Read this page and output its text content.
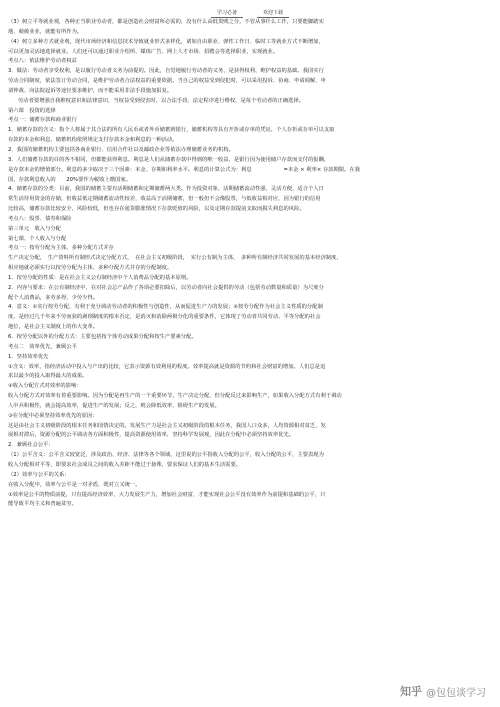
学习必备	欢迎下载

（3）树立平等就业观，各种正当职业劳动者，都是创造社会财富所必需的，没有什么高低贵贱之分。不管从事什么工作，只要能脚踏实

地、兢兢业业，就能有所作为。

（4）树立多种方式就业观，现代市场经济和信息技术导致就业形式多样化，诸如自由职业、弹性工作日、临时工等就业方式不断增加，

可以更加灵活地选择就业。人们还可以通过职业介绍所、媒体广告、网上人才市场、招聘会等选择职业，实现就业。

考点八：依法维护劳动者权益

3．做法：劳动者享受权利，是以履行劳动者义务为前提的。因此，自觉地履行劳动者的义务，是获得权利、维护权益的基础。我国实行

劳动合同制度，依法签订劳动合同，是维护劳动者合法权益的重要依据。当自己的权益受到侵犯时，可以采用投诉、协商、申请调解、申

请仲裁、向法院起诉等途径要求维护，而不能采用非法手段施加报复。

劳动者要增强自我维权意识和法律意识，当权益受到侵害时，以合法手段、法定程序进行维权，是每个劳动者的正确选择。

第六课　投资的选择

考点一：储蓄存款和商业银行

1．储蓄存款的含义：指个人将属于其合法的所有人民币或者外币储蓄到银行，储蓄机构等具有开折或存单的凭证，个人存折或存单可以支取

存款的本金和利息，储蓄机构依照规定支付存款本金和利息的一种活动。

2．我国的储蓄机构主要包括各商业银行、信用合作社以及邮政企业等依法办理储蓄业务的机构。

3．人们储蓄存款的目的各不相同，但都能获得利息。利息是人们从储蓄存款中得到的唯一收益，是银行因为使用储户存款而支付的报酬，

是存款本金的增值部分。利息的多少取决于三个因素：本金、存期和利率水平。利息的计算公式为：利息　　　　　　=本金 × 利率× 存款期限。在我

国，存款利息收入的　　20%要作为税收上缴国家。

4．储蓄存款的分类：目前，我国的储蓄主要有活期储蓄和定期储蓄两大类。作为投资对象，活期储蓄流动性强、灵活方便，适合个人日

常生活待用资金的存储，但收益低定期储蓄流动性较差，收益高于活期储蓄，但一般但不会像股票，与低收益相对应，因为银行的信用

比较高，储蓄存款比较安全，风险较低，但也存在通货膨胀情况下存款贬值的风险，以及定期存款提前支取而损失利息的风险。

考点八：股票、债券和保险

第三单元　收入与分配

第七课、个人收入与分配

考点一：按劳分配为主体，多种分配方式并存

生产决定分配，　生产资料所有制形式决定分配方式，　在社会主义初级阶段，　实行公有制为主体，　多种所有制经济共同发展的基本经济制度，

相应地就必须实行以按劳分配为主体、多种分配方式并存的分配制度。

1．按劳分配的性质：是在社会主义公有制经济中个人消费品分配的基本原则。

2．内容与要求：在公有制经济中，在对社会总产品作了各项必要扣除后，以劳动者向社会提供的劳动（包括劳动数量和质量）为尺度分

配个人消费品，多劳多得，少劳少得。

4．意义：①实行按劳分配，有利于充分调动劳动者的积极性与创造性，从而促进生产力的发展；②按劳分配作为社会主义性质的分配制

度，是经过几千年来不劳而获的剥削制度的根本否定，是消灭和消除两极分化的重要条件，它体现了劳动者共同劳动、平等分配的社会

地位，是社会主义制度上的伟大变革。

6．按劳分配以外的分配方式：主要包括按个体劳动成果分配和按生产要素分配。

考点二　效率优先，兼顾公平

1．坚持效率优先

①含义：效率，指经济活动中投入与产出的比较，它表示资源有效利用的程度。效率提高就是资源的节约和社会财富的增加。人们总是追

求以最少的投入取得最大的成果。

②收入分配方式对效率的影响：

收入分配方式对效率有着重要影响。因为分配是再生产的一个重要环节，生产决定分配，但分配反过来影响生产，如果收入分配方式有利于调动

人中兵积极性，就会提高效率，促进生产的发展；反之，则会降低效率，阻碍生产的发展。

③在分配中必须坚持效率优先的原因：

这是由社会主义初级阶段的根本任务和国情决定的。发展生产力是社会主义初级阶段的根本任务，我国人口众多，人均资源相对贫乏，发

展相对滞后，资源分配的公平调动各方面积极性，提高资源使用效率，坚持科学发展观，因此在分配中必须坚持效率优先。

2．兼顾社会公平：

（1）公平含义：公平含义较宽泛，涉及政治、经济、法律等各个领域，这里说的公平指收入分配的公平，收入分配的公平，主要表现为

收入分配相对平等，即要求社会成员之间的收入差距不能过于悬殊，要求保证人们的基本生活需要。

（2）效率与公平的关系：

在收入分配中，效率与公平是一对矛盾，既对立又统一。

①效率是公平的物质前提，只有提高经济效率，大力发展生产力，增加社会财富，才能实现社会公平没有效率作为前提和基础的公平，只

能导致平均主义和普遍贫穷。

知乎 @包包谈学习
